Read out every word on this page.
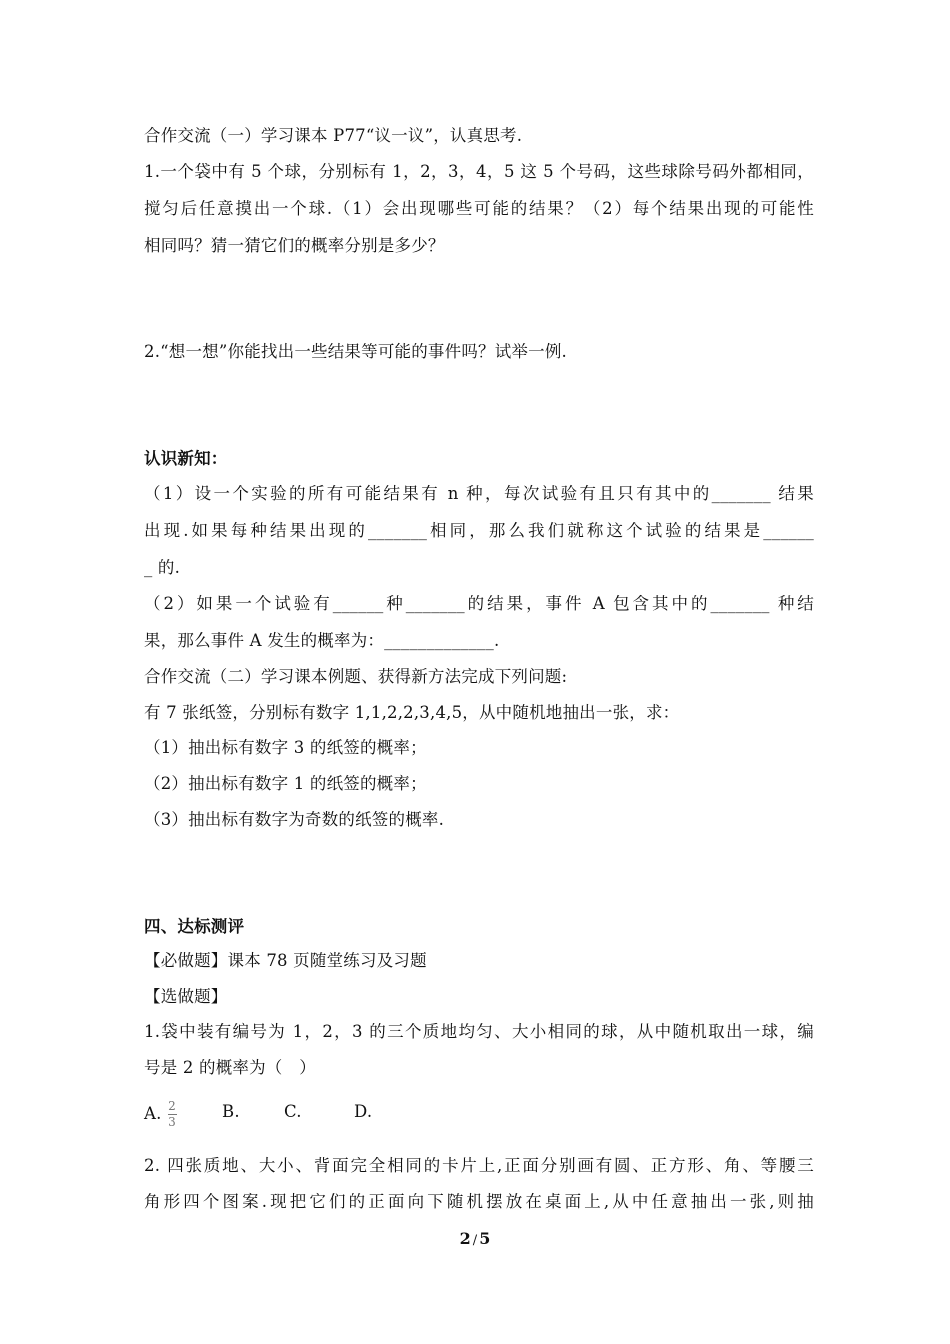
合作交流（一）学习课本 P77“议一议”，认真思考.
1.一个袋中有 5 个球，分别标有 1，2，3，4，5 这 5 个号码，这些球除号码外都相同，
搅匀后任意摸出一个球.（1）会出现哪些可能的结果？（2）每个结果出现的可能性
相同吗？猜一猜它们的概率分别是多少？
2.“想一想”你能找出一些结果等可能的事件吗？试举一例.
认识新知：
（1）设一个实验的所有可能结果有 n 种，每次试验有且只有其中的_______ 结果
出现.如果每种结果出现的_______相同，那么我们就称这个试验的结果是______
_ 的.
（2）如果一个试验有______种_______的结果，事件 A 包含其中的_______ 种结
果，那么事件 A 发生的概率为：_____________.
合作交流（二）学习课本例题、获得新方法完成下列问题:
有 7 张纸签，分别标有数字 1,1,2,2,3,4,5，从中随机地抽出一张，求：
（1）抽出标有数字 3 的纸签的概率；
（2）抽出标有数字 1 的纸签的概率；
（3）抽出标有数字为奇数的纸签的概率.
四、达标测评
【必做题】课本 78 页随堂练习及习题
【选做题】
1.袋中装有编号为 1，2，3 的三个质地均匀、大小相同的球，从中随机取出一球，编
号是 2 的概率为（　）
A. $\frac{2}{3}$	B.	C.	D.
2. 四张质地、大小、背面完全相同的卡片上,正面分别画有圆、正方形、角、等腰三
角形四个图案.现把它们的正面向下随机摆放在桌面上,从中任意抽出一张,则抽
2 / 5
